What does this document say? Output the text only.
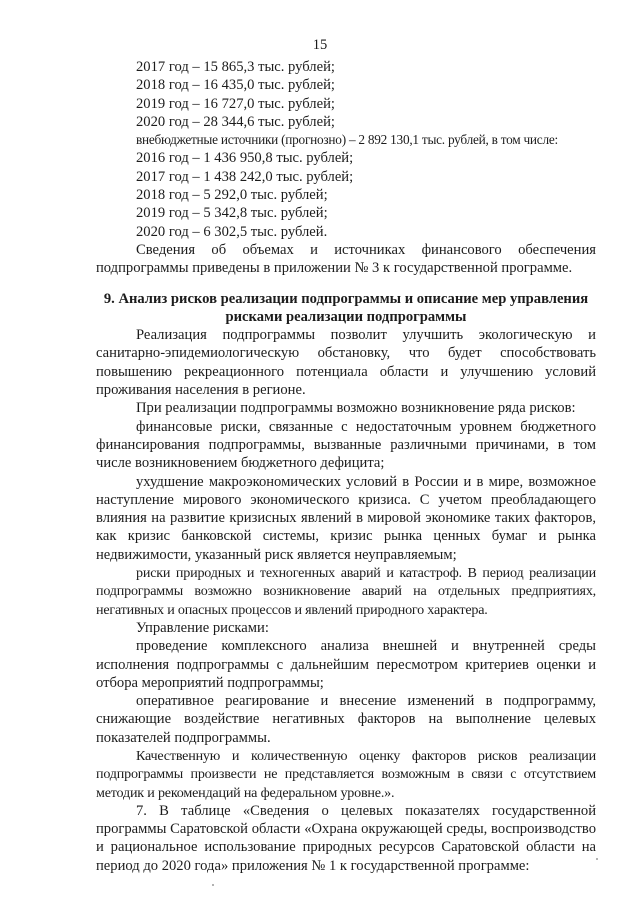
15
2017 год – 15 865,3 тыс. рублей;
2018 год – 16 435,0 тыс. рублей;
2019 год – 16 727,0 тыс. рублей;
2020 год – 28 344,6 тыс. рублей;
внебюджетные источники (прогнозно) – 2 892 130,1 тыс. рублей, в том числе:
2016 год – 1 436 950,8 тыс. рублей;
2017 год – 1 438 242,0 тыс. рублей;
2018 год – 5 292,0 тыс. рублей;
2019 год – 5 342,8 тыс. рублей;
2020 год – 6 302,5 тыс. рублей.

Сведения об объемах и источниках финансового обеспечения подпрограммы приведены в приложении № 3 к государственной программе.

9. Анализ рисков реализации подпрограммы и описание мер управления рисками реализации подпрограммы

Реализация подпрограммы позволит улучшить экологическую и санитарно-эпидемиологическую обстановку, что будет способствовать повышению рекреационного потенциала области и улучшению условий проживания населения в регионе.

При реализации подпрограммы возможно возникновение ряда рисков:

финансовые риски, связанные с недостаточным уровнем бюджетного финансирования подпрограммы, вызванные различными причинами, в том числе возникновением бюджетного дефицита;

ухудшение макроэкономических условий в России и в мире, возможное наступление мирового экономического кризиса. С учетом преобладающего влияния на развитие кризисных явлений в мировой экономике таких факторов, как кризис банковской системы, кризис рынка ценных бумаг и рынка недвижимости, указанный риск является неуправляемым;

риски природных и техногенных аварий и катастроф. В период реализации подпрограммы возможно возникновение аварий на отдельных предприятиях, негативных и опасных процессов и явлений природного характера.

Управление рисками:

проведение комплексного анализа внешней и внутренней среды исполнения подпрограммы с дальнейшим пересмотром критериев оценки и отбора мероприятий подпрограммы;

оперативное реагирование и внесение изменений в подпрограмму, снижающие воздействие негативных факторов на выполнение целевых показателей подпрограммы.

Качественную и количественную оценку факторов рисков реализации подпрограммы произвести не представляется возможным в связи с отсутствием методик и рекомендаций на федеральном уровне.».

7. В таблице «Сведения о целевых показателях государственной программы Саратовской области «Охрана окружающей среды, воспроизводство и рациональное использование природных ресурсов Саратовской области на период до 2020 года» приложения № 1 к государственной программе:
